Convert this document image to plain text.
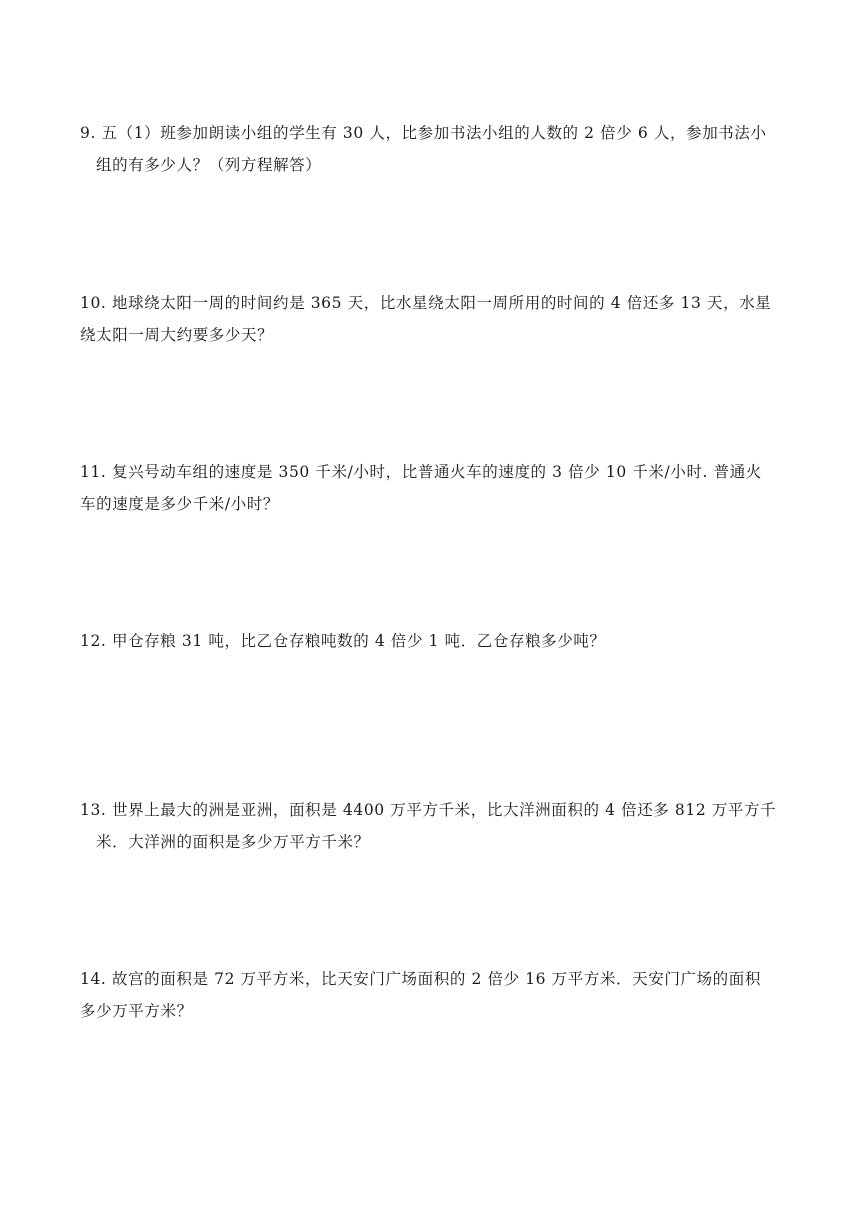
9. 五（1）班参加朗读小组的学生有 30 人，比参加书法小组的人数的 2 倍少 6 人，参加书法小
组的有多少人？（列方程解答）
10. 地球绕太阳一周的时间约是 365 天，比水星绕太阳一周所用的时间的 4 倍还多 13 天，水星
绕太阳一周大约要多少天？
11. 复兴号动车组的速度是 350 千米/小时，比普通火车的速度的 3 倍少 10 千米/小时. 普通火
车的速度是多少千米/小时？
12. 甲仓存粮 31 吨，比乙仓存粮吨数的 4 倍少 1 吨．乙仓存粮多少吨？
13. 世界上最大的洲是亚洲，面积是 4400 万平方千米，比大洋洲面积的 4 倍还多 812 万平方千
米．大洋洲的面积是多少万平方千米？
14. 故宫的面积是 72 万平方米，比天安门广场面积的 2 倍少 16 万平方米．天安门广场的面积
多少万平方米？
